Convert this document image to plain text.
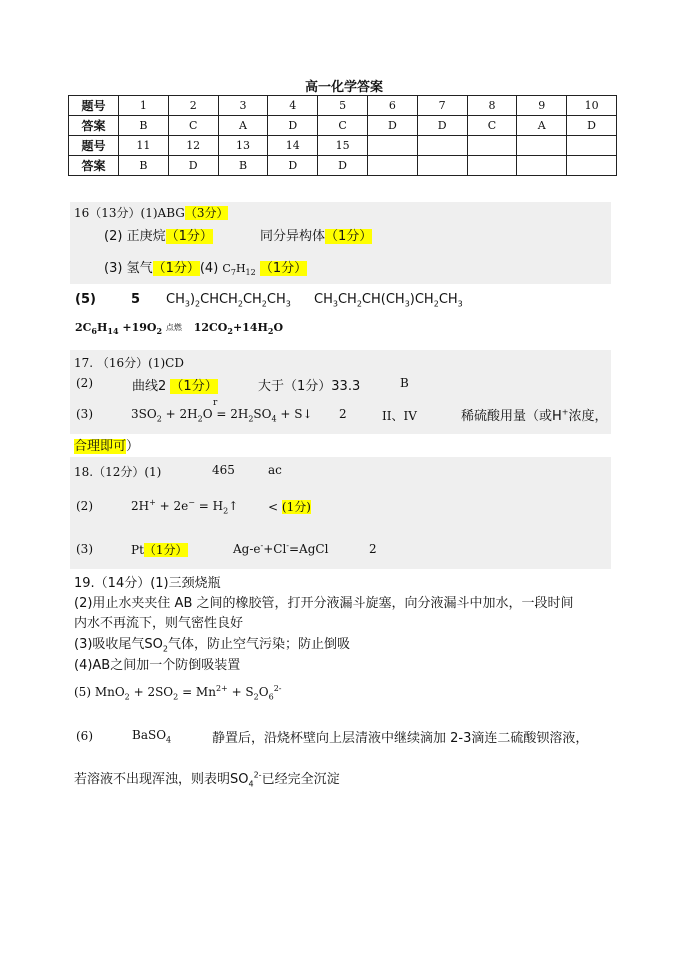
高一化学答案
题号	1	2	3	4	5	6	7	8	9	10
答案	B	C	A	D	C	D	D	C	A	D
题号	11	12	13	14	15					
答案	B	D	B	D	D					
16（13分）(1)ABG（3分）
(2) 正庚烷（1分）	同分异构体（1分）
(3) 氢气（1分）(4) $C_7H_{12}$ （1分）
(5)	5 $CH_3)_2CHCH_2CH_2CH_3$ $CH_3CH_2CH(CH_3)CH_2CH_3$
$2C_6H_{14} +19O_2$ 点燃 $12CO_2+14H_2O$
17. （16分）(1)CD
(2)	曲线2 （1分）	大于（1分）33.3	B
(3)
r
$3SO_2 + 2H_2O = 2H_2SO_4$ + S↓ 2	II、IV	稀硫酸用量（或H+浓度，
合理即可）
18.（12分）(1)	465	ac
(2)	$2H^+ + 2e^- = H_2↑ < (1$分)
(3)	Pt（1分）	Ag-e-+Cl-=AgCl	2
19.（14分）(1)三颈烧瓶
(2)用止水夹夹住 AB 之间的橡胶管，打开分液漏斗旋塞，向分液漏斗中加水，一段时间
内水不再流下，则气密性良好
(3)吸收尾气$SO_2$气体，防止空气污染；防止倒吸
(4)AB之间加一个防倒吸装置
(5) $MnO_2 + 2SO_2 = Mn^{2+} + S_2O_6^{2-}$
(6)	BaSO$_4$	静置后，沿烧杯壁向上层清液中继续滴加 2-3滴连二硫酸钡溶液，
若溶液不出现浑浊，则表明$SO_4^{2-}$已经完全沉淀
